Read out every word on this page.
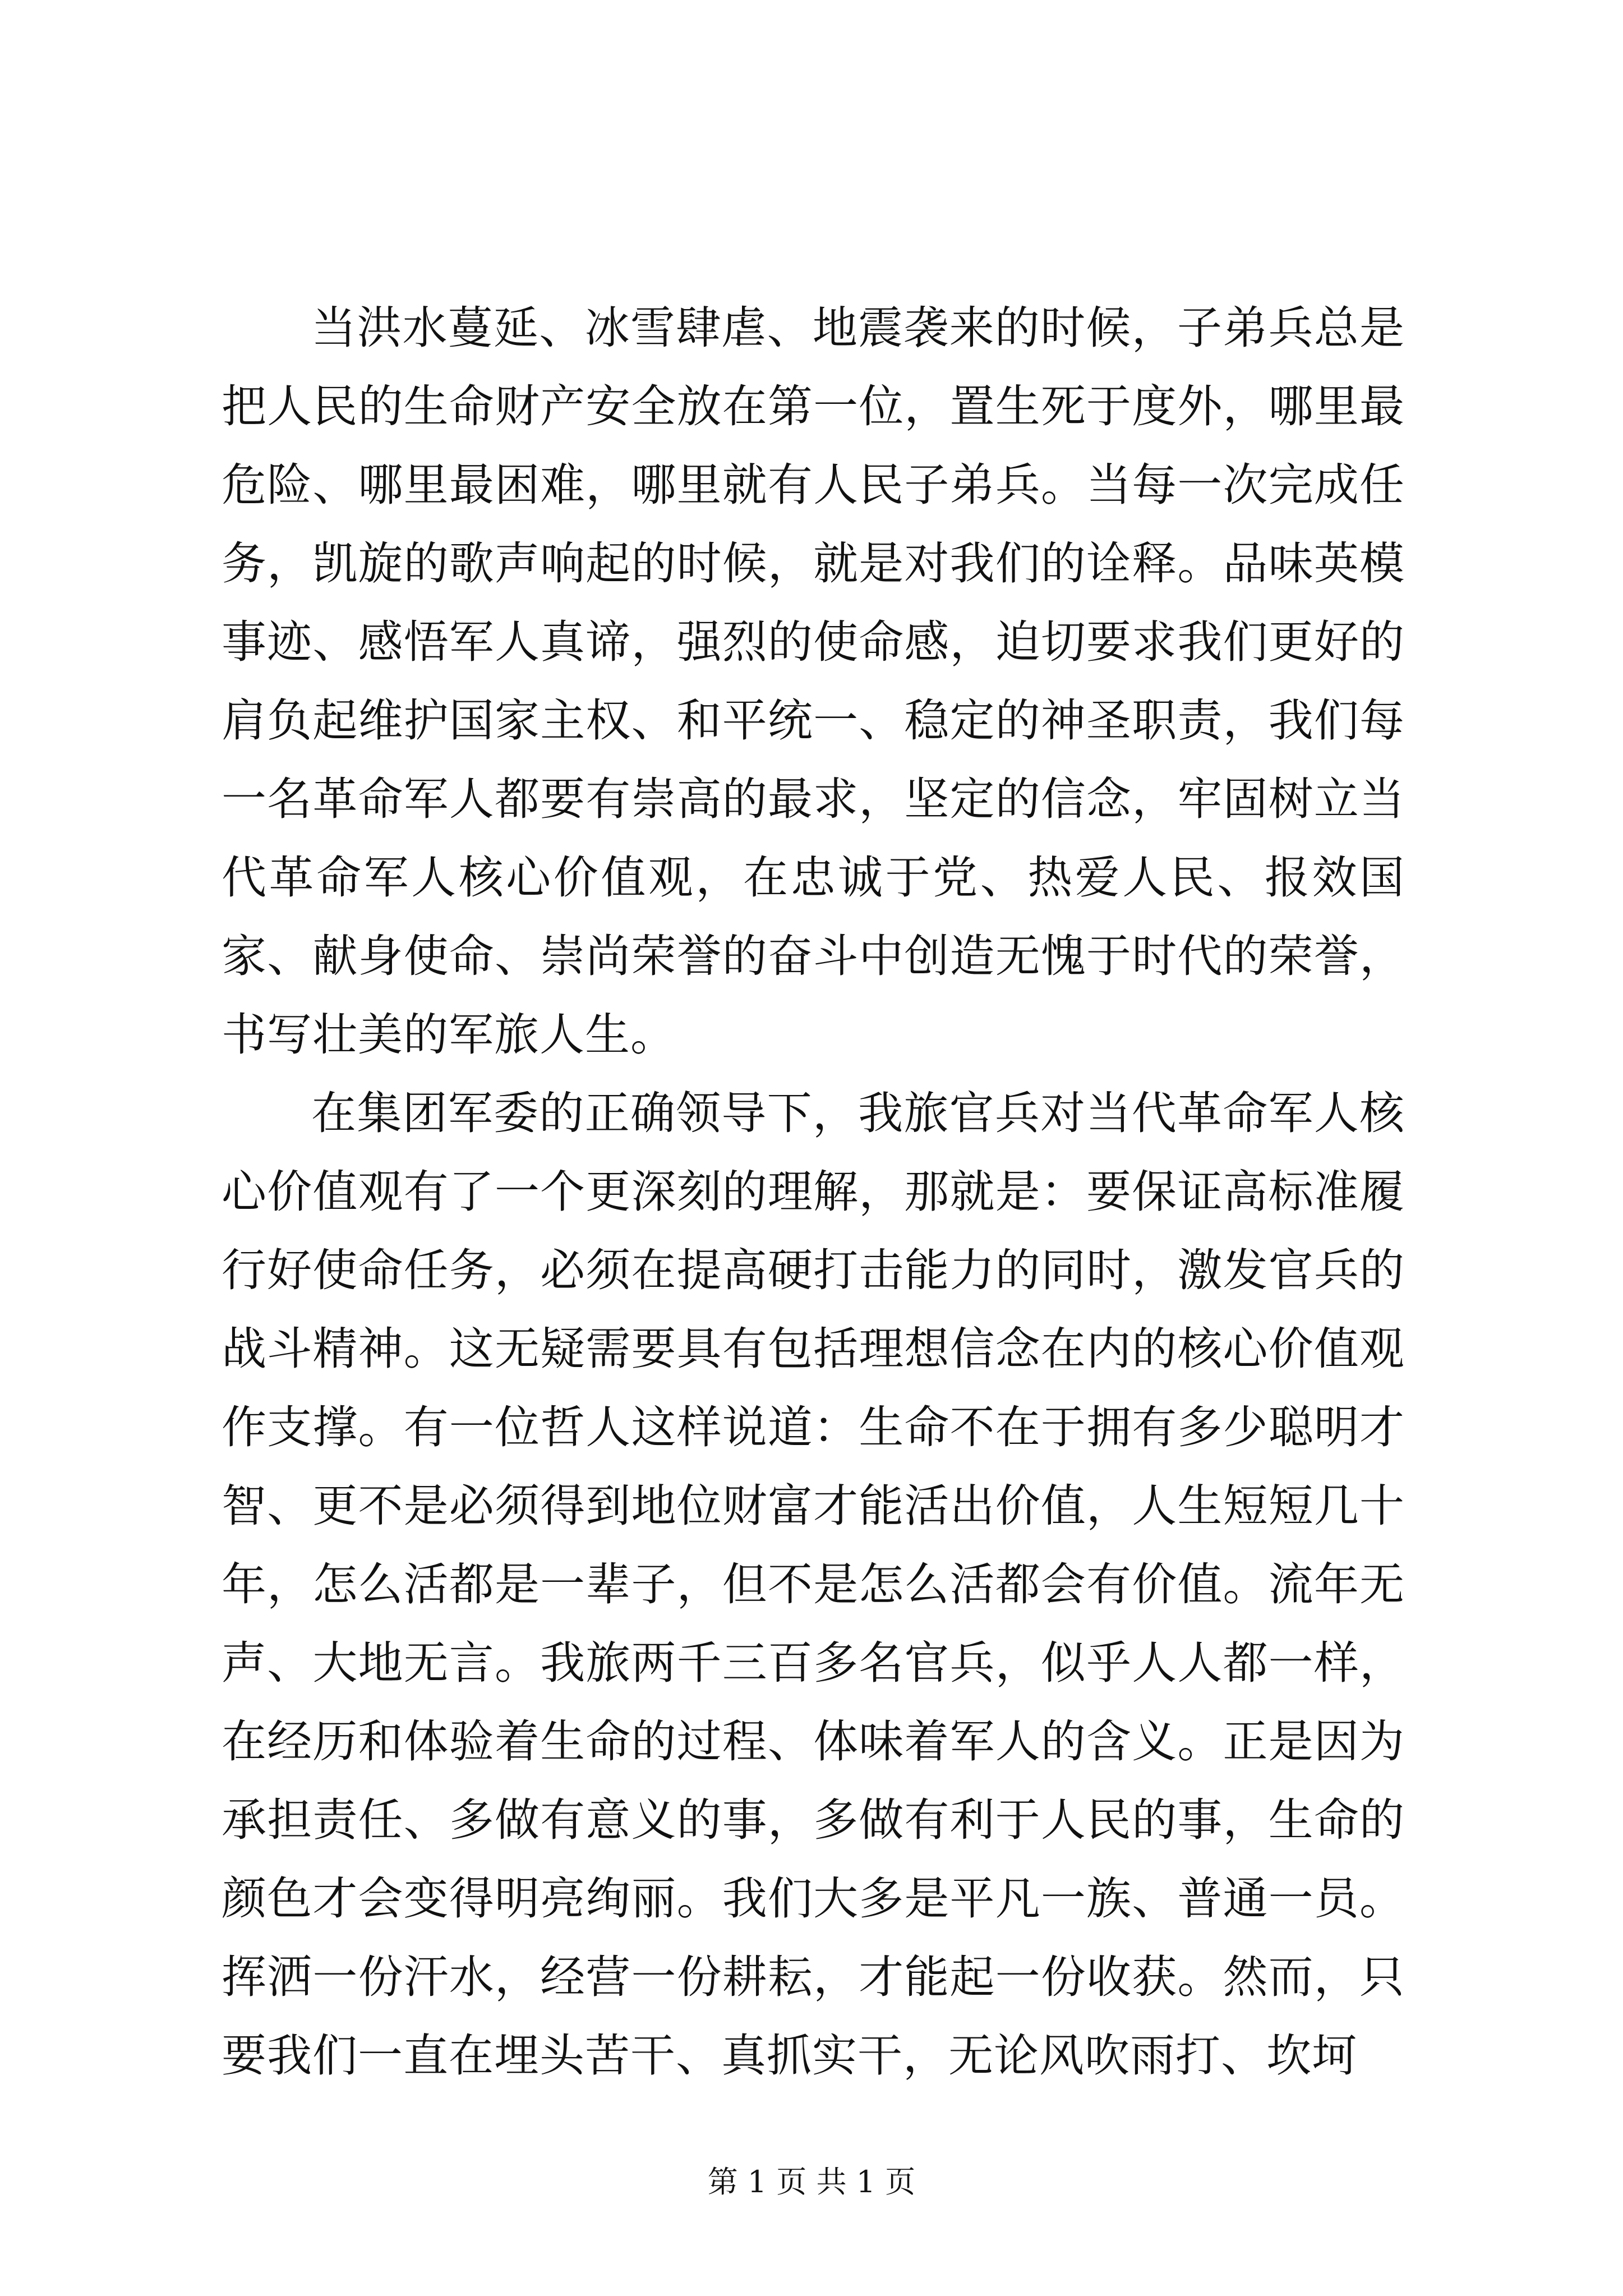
当洪水蔓延、冰雪肆虐、地震袭来的时候，子弟兵总是把人民的生命财产安全放在第一位，置生死于度外，哪里最危险、哪里最困难，哪里就有人民子弟兵。当每一次完成任务，凯旋的歌声响起的时候，就是对我们的诠释。品味英模事迹、感悟军人真谛，强烈的使命感，迫切要求我们更好的肩负起维护国家主权、和平统一、稳定的神圣职责，我们每一名革命军人都要有崇高的最求，坚定的信念，牢固树立当代革命军人核心价值观，在忠诚于党、热爱人民、报效国家、献身使命、崇尚荣誉的奋斗中创造无愧于时代的荣誉，书写壮美的军旅人生。

在集团军委的正确领导下，我旅官兵对当代革命军人核心价值观有了一个更深刻的理解，那就是：要保证高标准履行好使命任务，必须在提高硬打击能力的同时，激发官兵的战斗精神。这无疑需要具有包括理想信念在内的核心价值观作支撑。有一位哲人这样说道：生命不在于拥有多少聪明才智、更不是必须得到地位财富才能活出价值，人生短短几十年，怎么活都是一辈子，但不是怎么活都会有价值。流年无声、大地无言。我旅两千三百多名官兵，似乎人人都一样，在经历和体验着生命的过程、体味着军人的含义。正是因为承担责任、多做有意义的事，多做有利于人民的事，生命的颜色才会变得明亮绚丽。我们大多是平凡一族、普通一员。挥洒一份汗水，经营一份耕耘，才能起一份收获。然而，只要我们一直在埋头苦干、真抓实干，无论风吹雨打、坎坷

第 1 页 共 1 页
